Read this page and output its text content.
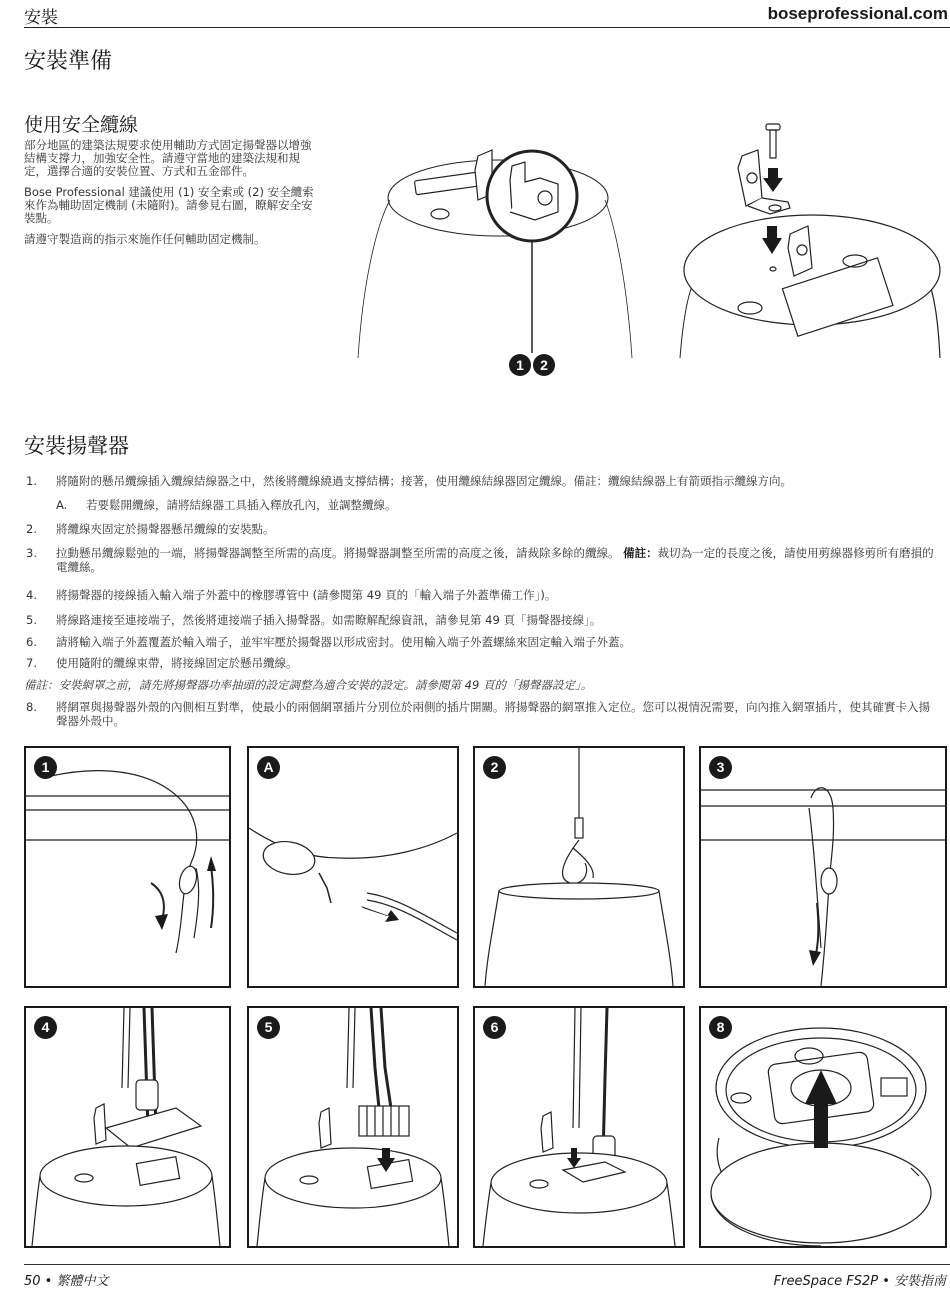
安裝	boseprofessional.com
安裝準備
使用安全纜線

部分地區的建築法規要求使用輔助方式固定揚聲器以增強結構支撐力，加強安全性。請遵守當地的建築法規和規定，選擇合適的安裝位置、方式和五金部件。

Bose Professional 建議使用 (1) 安全索或 (2) 安全纜索來作為輔助固定機制 (未隨附)。請參見右圖，瞭解安全安裝點。

請遵守製造商的指示來施作任何輔助固定機制。

1 2
安裝揚聲器
1. 將隨附的懸吊纜線插入纜線結線器之中，然後將纜線繞過支撐結構；接著，使用纜線結線器固定纜線。備註：纜線結線器上有箭頭指示纜線方向。
A. 若要鬆開纜線，請將結線器工具插入釋放孔內，並調整纜線。
2. 將纜線夾固定於揚聲器懸吊纜線的安裝點。
3. 拉動懸吊纜線鬆弛的一端，將揚聲器調整至所需的高度。將揚聲器調整至所需的高度之後，請裁除多餘的纜線。 備註：裁切為一定的長度之後，請使用剪線器修剪所有磨損的電纜絲。
4. 將揚聲器的接線插入輸入端子外蓋中的橡膠導管中 (請參閱第 49 頁的「輸入端子外蓋準備工作」)。
5. 將線路連接至連接端子，然後將連接端子插入揚聲器。如需瞭解配線資訊，請參見第 49 頁「揚聲器接線」。
6. 請將輸入端子外蓋覆蓋於輸入端子，並牢牢壓於揚聲器以形成密封。使用輸入端子外蓋螺絲來固定輸入端子外蓋。
7. 使用隨附的纜線束帶，將接線固定於懸吊纜線。
備註：安裝網罩之前，請先將揚聲器功率抽頭的設定調整為適合安裝的設定。請參閱第 49 頁的「揚聲器設定」。
8. 將網罩與揚聲器外殼的內側相互對準，使最小的兩個網罩插片分別位於兩側的插片開關。將揚聲器的網罩推入定位。您可以視情況需要，向內推入網罩插片，使其確實卡入揚聲器外殼中。
1	A	2	3
4	5	6	8
50 • 繁體中文	FreeSpace FS2P • 安裝指南
